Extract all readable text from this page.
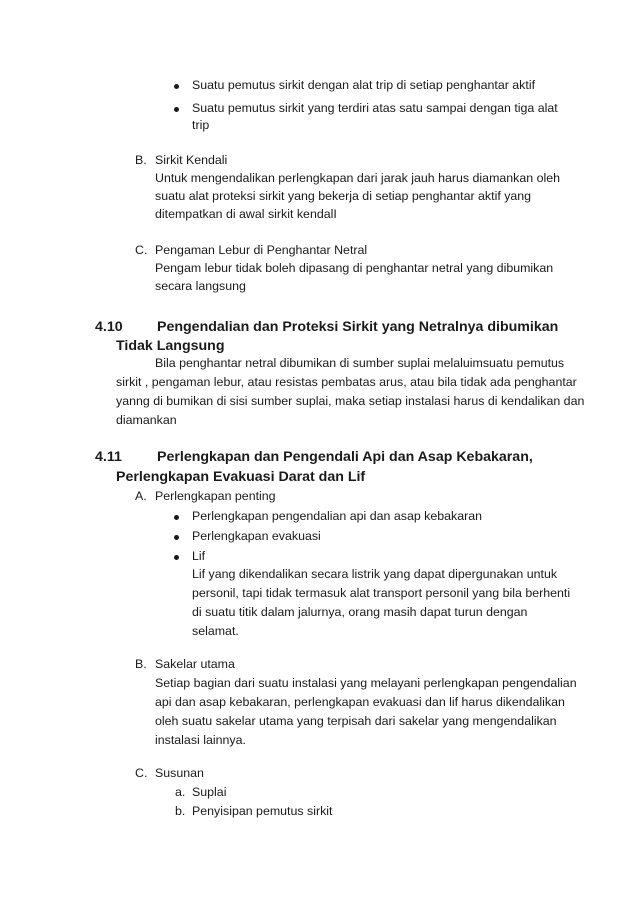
Suatu pemutus sirkit dengan alat trip di setiap penghantar aktif
Suatu pemutus sirkit yang terdiri atas satu sampai dengan tiga alat
trip
B. Sirkit Kendali
Untuk mengendalikan perlengkapan dari jarak jauh harus diamankan oleh
suatu alat proteksi sirkit yang bekerja di setiap penghantar aktif yang
ditempatkan di awal sirkit kendalI
C. Pengaman Lebur di Penghantar Netral
Pengam lebur tidak boleh dipasang di penghantar netral yang dibumikan
secara langsung
4.10 Pengendalian dan Proteksi Sirkit yang Netralnya dibumikan
Tidak Langsung
Bila penghantar netral dibumikan di sumber suplai melaluimsuatu pemutus
sirkit , pengaman lebur, atau resistas pembatas arus, atau bila tidak ada penghantar
yanng di bumikan di sisi sumber suplai, maka setiap instalasi harus di kendalikan dan
diamankan
4.11 Perlengkapan dan Pengendali Api dan Asap Kebakaran,
Perlengkapan Evakuasi Darat dan Lif
A. Perlengkapan penting
Perlengkapan pengendalian api dan asap kebakaran
Perlengkapan evakuasi
Lif
Lif yang dikendalikan secara listrik yang dapat dipergunakan untuk
personil, tapi tidak termasuk alat transport personil yang bila berhenti
di suatu titik dalam jalurnya, orang masih dapat turun dengan
selamat.
B. Sakelar utama
Setiap bagian dari suatu instalasi yang melayani perlengkapan pengendalian
api dan asap kebakaran, perlengkapan evakuasi dan lif harus dikendalikan
oleh suatu sakelar utama yang terpisah dari sakelar yang mengendalikan
instalasi lainnya.
C. Susunan
a. Suplai
b. Penyisipan pemutus sirkit
